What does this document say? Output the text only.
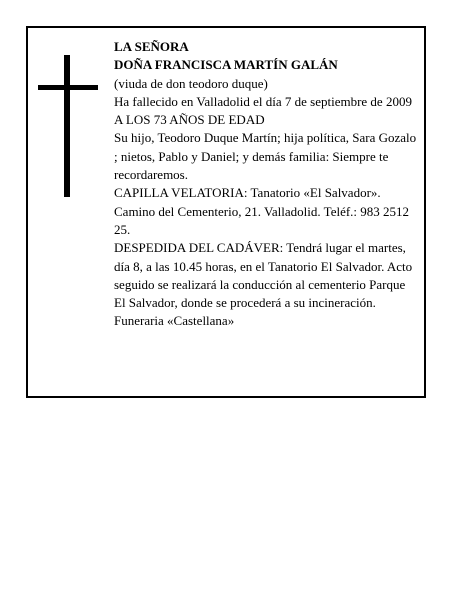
LA SEÑORA
DOÑA FRANCISCA MARTÍN GALÁN
(viuda de don teodoro duque)
Ha fallecido en Valladolid el día 7 de septiembre de 2009
A LOS 73 AÑOS DE EDAD
Su hijo, Teodoro Duque Martín; hija política, Sara Gozalo ; nietos, Pablo y Daniel; y demás familia: Siempre te recordaremos.
CAPILLA VELATORIA: Tanatorio «El Salvador». Camino del Cementerio, 21. Valladolid. Teléf.: 983 2512 25.
DESPEDIDA DEL CADÁVER: Tendrá lugar el martes, día 8, a las 10.45 horas, en el Tanatorio El Salvador. Acto seguido se realizará la conducción al cementerio Parque El Salvador, donde se procederá a su incineración.
Funeraria «Castellana»
